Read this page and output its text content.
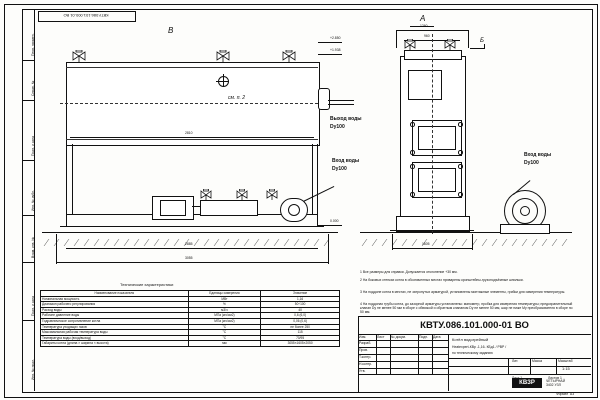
Перв. примен.
Справ. №
Подп. и дата
Инв. № дубл.
Взам. инв. №
Подп. и дата
Инв. № подл.
КВТУ.086.101.000-01 ВО
В
+2.850
+1.938
0.000
см. п. 2
2810
Выход воды
Dy100
Вход воды
Dy100
2885
3055
А
1260
960
Б
1605
Вход воды
Dy100
1 Все размеры для справки. Допускается отклонение +30 мм.
2 На боковых стенках котла в обозначенных местах приварены кронштейны-грузоподъёмные шпильки.
3 На поддоне котла в местах, не затронутых арматурой, установлены монтажные элементы, грибки для измерения температуры.
4 На поддонах трубы котла, до зазорной арматуры установлены: манометр, пробка для измерения температуры; предохранительный клапан Dy не менее 50 мм в сборе с обвязкой и обратным клапаном Dy не менее 50 мм, шар не ниже Му преобразователя в сборе по 50 мм.
Технические характеристики
Наименование показателя	Единицы измерения	Значение
Номинальная мощность	МВт	1,16
Диапазон рабочего регулирования	%	50÷100
Расход воды	м3/ч	40
Рабочее давление воды	МПа (кгс/см2)	0,6 (6,0)
Гидравлическое сопротивление котла	МПа (кгс/см2)	0,06 (0,6)
Температура уходящих газов	°С	не более 250
Максимальная рабочая температура воды	°С	115
Температура воды (вход/выход)	°С	70/95
Габариты котла (длина × ширина × высота)	мм	3055×1605×2050
КВТУ.086.101.000-01 ВО
Изм.	Лист № докум.	Подп. Дата
Разраб.
Пров.
Т.контр.
Н.контр.
Утв.
Котёл водогрейный
Heatexpert-КВр -1,16- КБд1 / РВР /
по техническому заданию
Лит.	Масса	Масштаб
1:15
Листов 1
КВЗР	ЧЕТЫРНАЙ
3402 УЗЛ
Формат  А3
